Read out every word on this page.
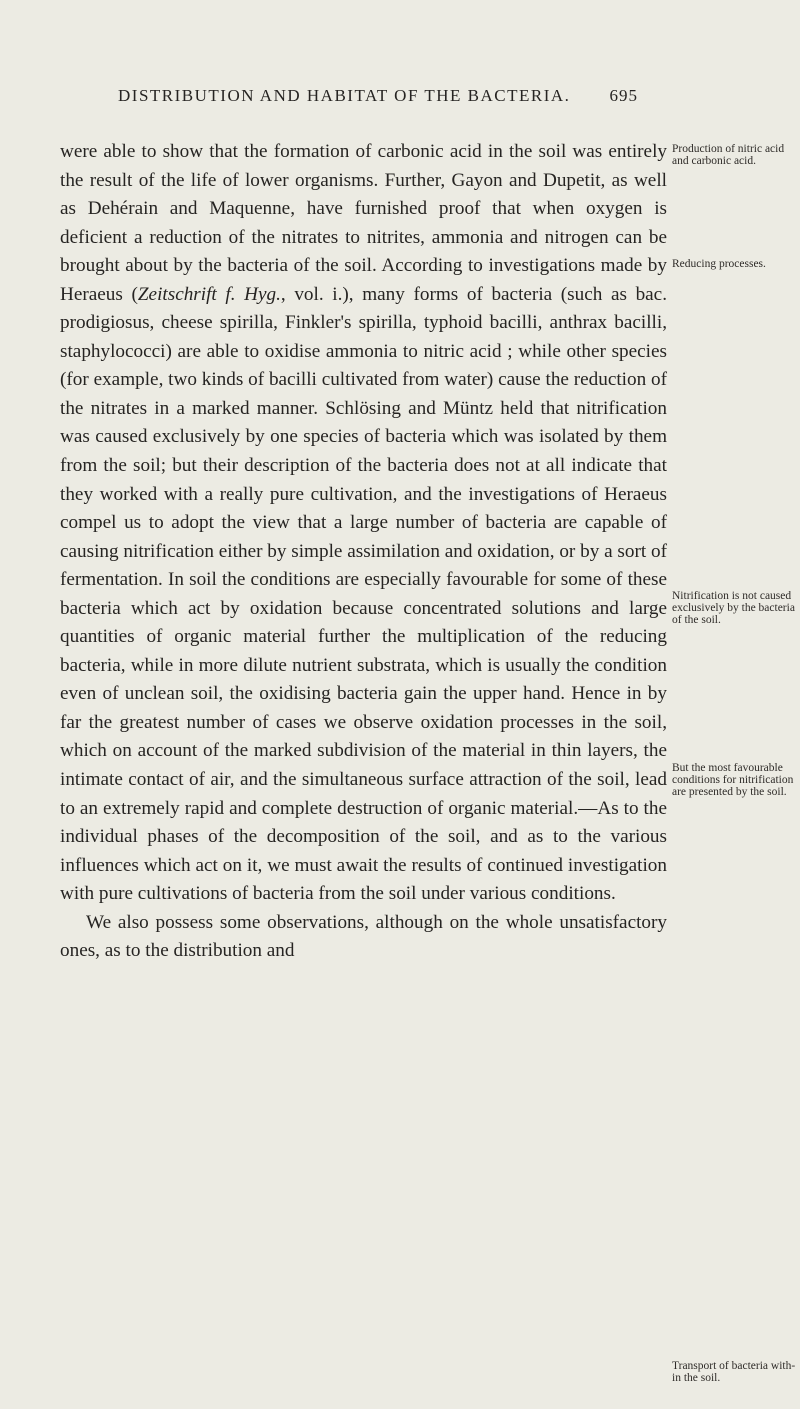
DISTRIBUTION AND HABITAT OF THE BACTERIA. 695

were able to show that the formation of carbonic acid in the soil was entirely the result of the life of lower organisms. Further, Gayon and Dupetit, as well as Dehérain and Maquenne, have furnished proof that when oxygen is deficient a reduction of the nitrates to nitrites, ammonia and nitrogen can be brought about by the bacteria of the soil. According to investigations made by Heraeus (Zeitschrift f. Hyg., vol. i.), many forms of bacteria (such as bac. prodigiosus, cheese spirilla, Finkler's spirilla, typhoid bacilli, anthrax bacilli, staphylococci) are able to oxidise ammonia to nitric acid ; while other species (for example, two kinds of bacilli cultivated from water) cause the reduction of the nitrates in a marked manner. Schlösing and Müntz held that nitrification was caused exclusively by one species of bacteria which was isolated by them from the soil; but their description of the bacteria does not at all indicate that they worked with a really pure cultivation, and the investigations of Heraeus compel us to adopt the view that a large number of bacteria are capable of causing nitrification either by simple assimilation and oxidation, or by a sort of fermentation. In soil the conditions are especially favourable for some of these bacteria which act by oxidation because concentrated solutions and large quantities of organic material further the multiplication of the reducing bacteria, while in more dilute nutrient substrata, which is usually the condition even of unclean soil, the oxidising bacteria gain the upper hand. Hence in by far the greatest number of cases we observe oxidation processes in the soil, which on account of the marked subdivision of the material in thin layers, the intimate contact of air, and the simultaneous surface attraction of the soil, lead to an extremely rapid and complete destruction of organic material.—As to the individual phases of the decomposition of the soil, and as to the various influences which act on it, we must await the results of continued investigation with pure cultivations of bacteria from the soil under various conditions.

We also possess some observations, although on the whole unsatisfactory ones, as to the distribution and

Production of nitric acid and carbonic acid.
Reducing processes.
Nitrification is not caused exclusively by the bacteria of the soil.
But the most favourable conditions for nitrification are presented by the soil.
Transport of bacteria with-in the soil.
